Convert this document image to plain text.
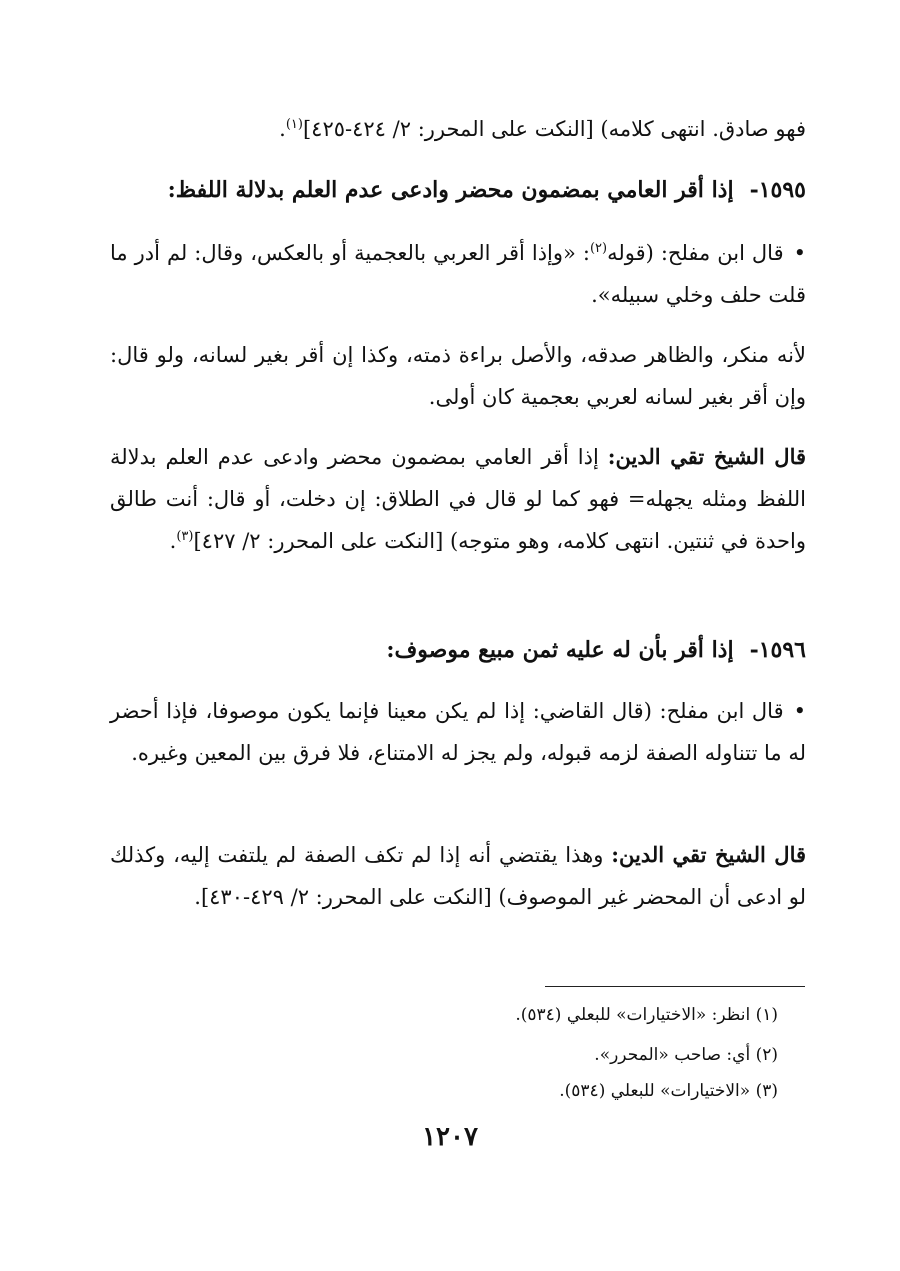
فهو صادق. انتهى كلامه) [النكت على المحرر: ٢/ ٤٢٤-٤٢٥]$^{(١)}$.
١٥٩٥-إذا أقر العامي بمضمون محضر وادعى عدم العلم بدلالة اللفظ:
•قال ابن مفلح: (قوله$^{(٢)}$: «وإذا أقر العربي بالعجمية أو بالعكس، وقال: لم أدر ما قلت حلف وخلي سبيله».
لأنه منكر، والظاهر صدقه، والأصل براءة ذمته، وكذا إن أقر بغير لسانه، ولو قال: وإن أقر بغير لسانه لعربي بعجمية كان أولى.
قال الشيخ تقي الدين: إذا أقر العامي بمضمون محضر وادعى عدم العلم بدلالة اللفظ ومثله يجهله= فهو كما لو قال في الطلاق: إن دخلت، أو قال: أنت طالق واحدة في ثنتين. انتهى كلامه، وهو متوجه) [النكت على المحرر: ٢/ ٤٢٧]$^{(٣)}$.
١٥٩٦-إذا أقر بأن له عليه ثمن مبيع موصوف:
•قال ابن مفلح: (قال القاضي: إذا لم يكن معينا فإنما يكون موصوفا، فإذا أحضر له ما تتناوله الصفة لزمه قبوله، ولم يجز له الامتناع، فلا فرق بين المعين وغيره.
قال الشيخ تقي الدين: وهذا يقتضي أنه إذا لم تكف الصفة لم يلتفت إليه، وكذلك لو ادعى أن المحضر غير الموصوف) [النكت على المحرر: ٢/ ٤٢٩-٤٣٠].
(١) انظر: «الاختيارات» للبعلي (٥٣٤).
(٢) أي: صاحب «المحرر».
(٣) «الاختيارات» للبعلي (٥٣٤).
١٢٠٧
